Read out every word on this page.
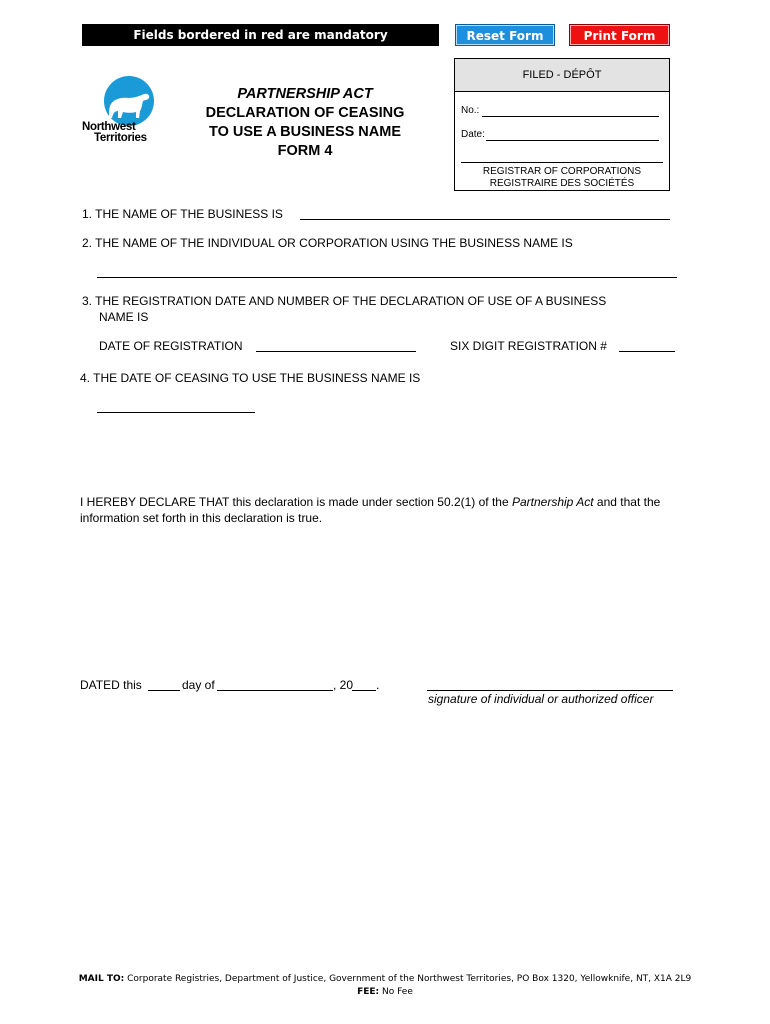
Fields bordered in red are mandatory	Reset Form	Print Form
Northwest
Territories
PARTNERSHIP ACT
DECLARATION OF CEASING
TO USE A BUSINESS NAME
FORM 4
FILED - DÉPÔT
No.:
Date:
REGISTRAR OF CORPORATIONS
REGISTRAIRE DES SOCIÉTÉS
1. THE NAME OF THE BUSINESS IS
2. THE NAME OF THE INDIVIDUAL OR CORPORATION USING THE BUSINESS NAME IS
3. THE REGISTRATION DATE AND NUMBER OF THE DECLARATION OF USE OF A BUSINESS
NAME IS
DATE OF REGISTRATION	SIX DIGIT REGISTRATION #
4. THE DATE OF CEASING TO USE THE BUSINESS NAME IS
I HEREBY DECLARE THAT this declaration is made under section 50.2(1) of the Partnership Act and that the information set forth in this declaration is true.
DATED this	day of	, 20 .
signature of individual or authorized officer
MAIL TO: Corporate Registries, Department of Justice, Government of the Northwest Territories, PO Box 1320, Yellowknife, NT, X1A 2L9
FEE: No Fee
